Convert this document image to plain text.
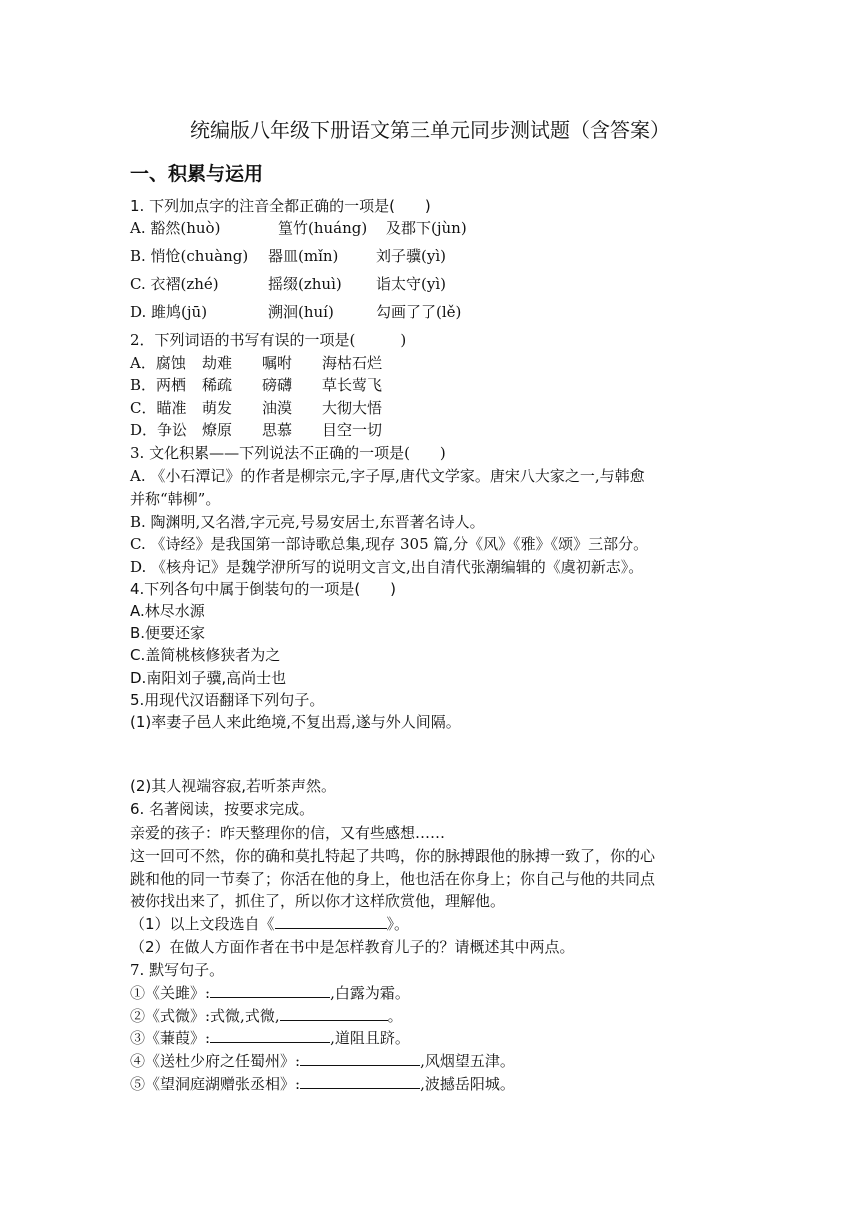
统编版八年级下册语文第三单元同步测试题（含答案）
一、积累与运用
1. 下列加点字的注音全都正确的一项是(　　)
A. 豁然(huò)	篁竹(huáng) 及郡下(jùn)
B. 悄怆(chuàng) 器皿(mǐn)	刘子骥(yì)
C. 衣褶(zhé)	摇缀(zhuì) 诣太守(yì)
D. 雎鸠(jū)	溯洄(huí)	勾画了了(lě)
2．下列词语的书写有误的一项是(　　　)
A．腐蚀 劫难 嘱咐 海枯石烂
B．两栖 稀疏 磅礴 草长莺飞
C．瞄准 萌发 油漠 大彻大悟
D．争讼 燎原 思慕 目空一切
3. 文化积累——下列说法不正确的一项是(　　)
A. 《小石潭记》的作者是柳宗元,字子厚,唐代文学家。唐宋八大家之一,与韩愈
并称“韩柳”。
B. 陶渊明,又名潜,字元亮,号易安居士,东晋著名诗人。
C. 《诗经》是我国第一部诗歌总集,现存 305 篇,分《风》《雅》《颂》三部分。
D. 《核舟记》是魏学洢所写的说明文言文,出自清代张潮编辑的《虞初新志》。
4.下列各句中属于倒装句的一项是(　　)
A.林尽水源
B.便要还家
C.盖简桃核修狭者为之
D.南阳刘子骥,高尚士也
5.用现代汉语翻译下列句子。
(1)率妻子邑人来此绝境,不复出焉,遂与外人间隔。
(2)其人视端容寂,若听茶声然。
6. 名著阅读，按要求完成。
亲爱的孩子：昨天整理你的信，又有些感想……
这一回可不然，你的确和莫扎特起了共鸣，你的脉搏跟他的脉搏一致了，你的心
跳和他的同一节奏了；你活在他的身上，他也活在你身上；你自己与他的共同点
被你找出来了，抓住了，所以你才这样欣赏他，理解他。
（1）以上文段选自《	》。
（2）在做人方面作者在书中是怎样教育儿子的？请概述其中两点。
7. 默写句子。
①《关雎》:	,白露为霜。
②《式微》:式微,式微,	。
③《蒹葭》:	,道阻且跻。
④《送杜少府之任蜀州》:	,风烟望五津。
⑤《望洞庭湖赠张丞相》:	,波撼岳阳城。
